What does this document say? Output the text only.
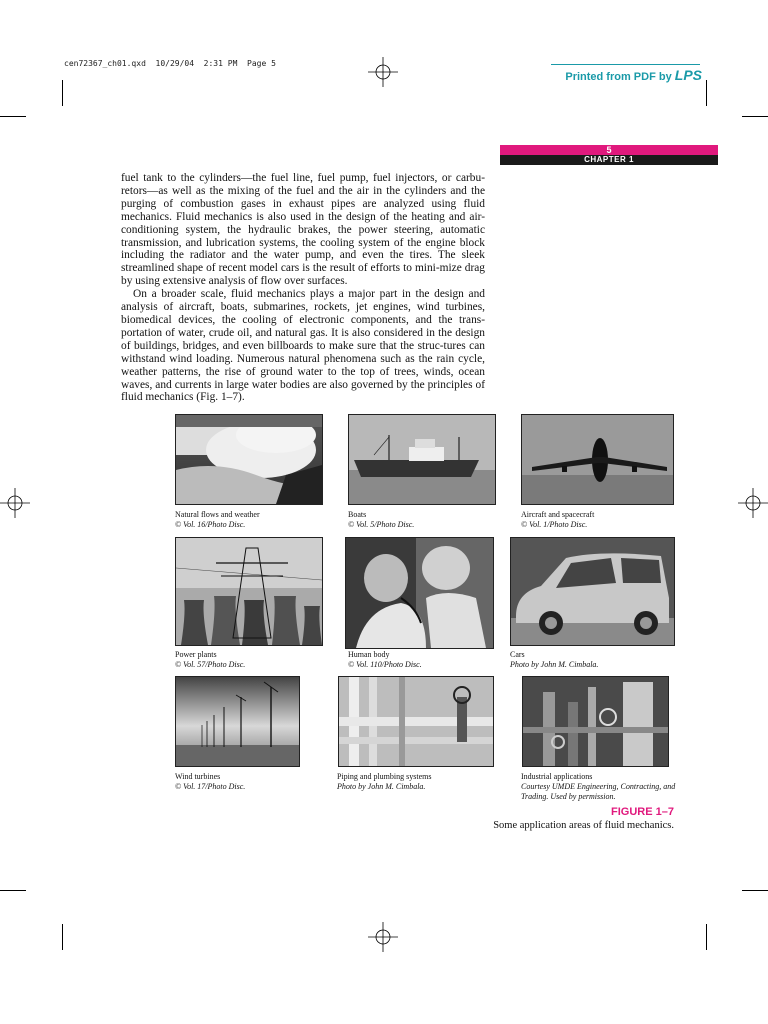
cen72367_ch01.qxd  10/29/04  2:31 PM  Page 5
Printed from PDF by LPS
5
CHAPTER 1

fuel tank to the cylinders—the fuel line, fuel pump, fuel injectors, or carbu-retors—as well as the mixing of the fuel and the air in the cylinders and the purging of combustion gases in exhaust pipes are analyzed using fluid mechanics. Fluid mechanics is also used in the design of the heating and air-conditioning system, the hydraulic brakes, the power steering, automatic transmission, and lubrication systems, the cooling system of the engine block including the radiator and the water pump, and even the tires. The sleek streamlined shape of recent model cars is the result of efforts to mini-mize drag by using extensive analysis of flow over surfaces.

On a broader scale, fluid mechanics plays a major part in the design and analysis of aircraft, boats, submarines, rockets, jet engines, wind turbines, biomedical devices, the cooling of electronic components, and the trans-portation of water, crude oil, and natural gas. It is also considered in the design of buildings, bridges, and even billboards to make sure that the struc-tures can withstand wind loading. Numerous natural phenomena such as the rain cycle, weather patterns, the rise of ground water to the top of trees, winds, ocean waves, and currents in large water bodies are also governed by the principles of fluid mechanics (Fig. 1–7).

Natural flows and weather
© Vol. 16/Photo Disc.
Boats
© Vol. 5/Photo Disc.
Aircraft and spacecraft
© Vol. 1/Photo Disc.
Power plants
© Vol. 57/Photo Disc.
Human body
© Vol. 110/Photo Disc.
Cars
Photo by John M. Cimbala.
Wind turbines
© Vol. 17/Photo Disc.
Piping and plumbing systems
Photo by John M. Cimbala.
Industrial applications
Courtesy UMDE Engineering, Contracting, and Trading. Used by permission.
FIGURE 1–7
Some application areas of fluid mechanics.
